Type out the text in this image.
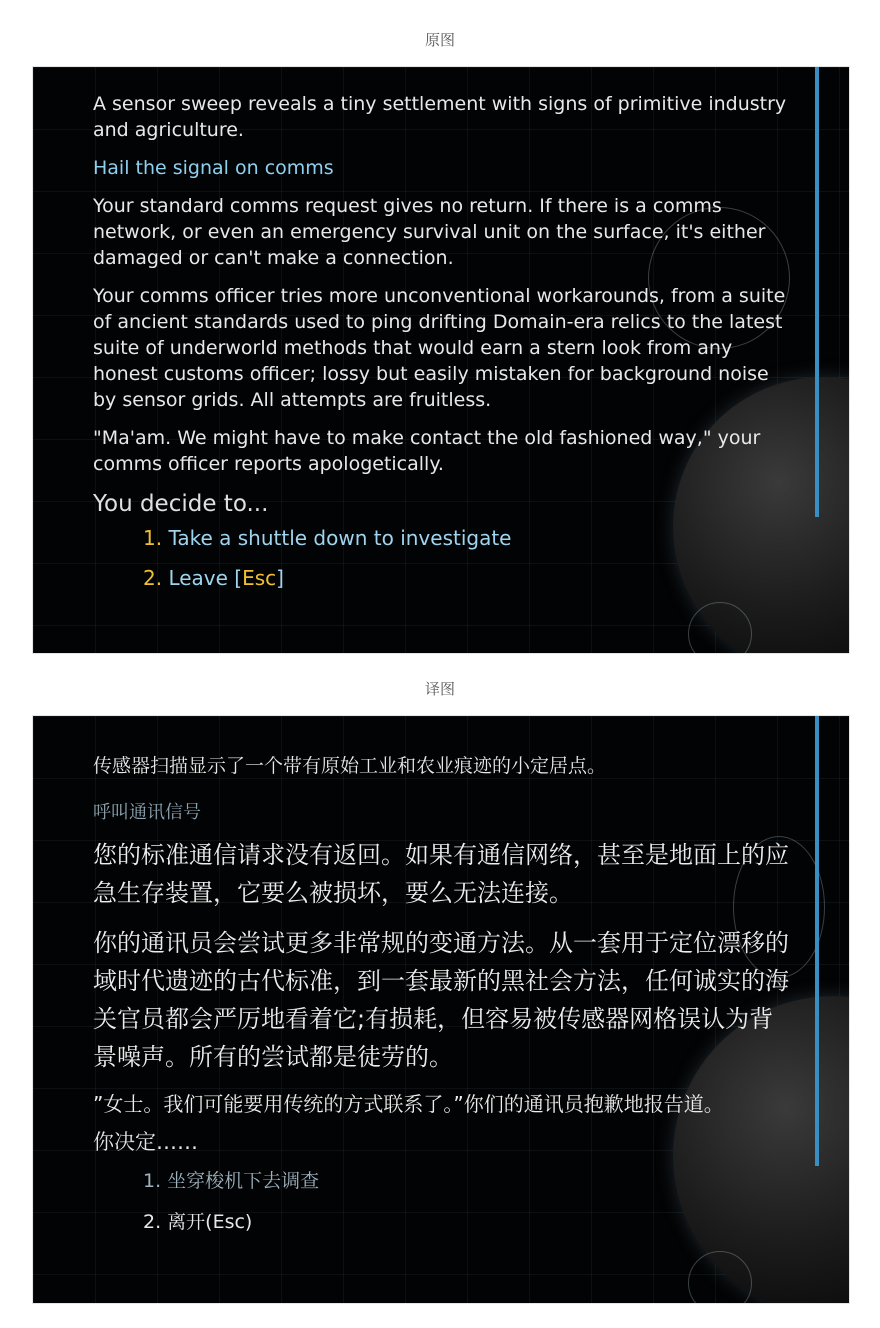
原图

A sensor sweep reveals a tiny settlement with signs of primitive industry and agriculture.

Hail the signal on comms

Your standard comms request gives no return. If there is a comms network, or even an emergency survival unit on the surface, it's either damaged or can't make a connection.

Your comms officer tries more unconventional workarounds, from a suite of ancient standards used to ping drifting Domain-era relics to the latest suite of underworld methods that would earn a stern look from any honest customs officer; lossy but easily mistaken for background noise by sensor grids. All attempts are fruitless.

"Ma'am. We might have to make contact the old fashioned way," your comms officer reports apologetically.

You decide to...

1. Take a shuttle down to investigate

2. Leave [Esc]

译图

传感器扫描显示了一个带有原始工业和农业痕迹的小定居点。

呼叫通讯信号

您的标准通信请求没有返回。如果有通信网络，甚至是地面上的应急生存装置，它要么被损坏，要么无法连接。

你的通讯员会尝试更多非常规的变通方法。从一套用于定位漂移的域时代遗迹的古代标准，到一套最新的黑社会方法，任何诚实的海关官员都会严厉地看着它;有损耗，但容易被传感器网格误认为背景噪声。所有的尝试都是徒劳的。

”女士。我们可能要用传统的方式联系了。”你们的通讯员抱歉地报告道。

你决定……

1. 坐穿梭机下去调查

2. 离开(Esc)
